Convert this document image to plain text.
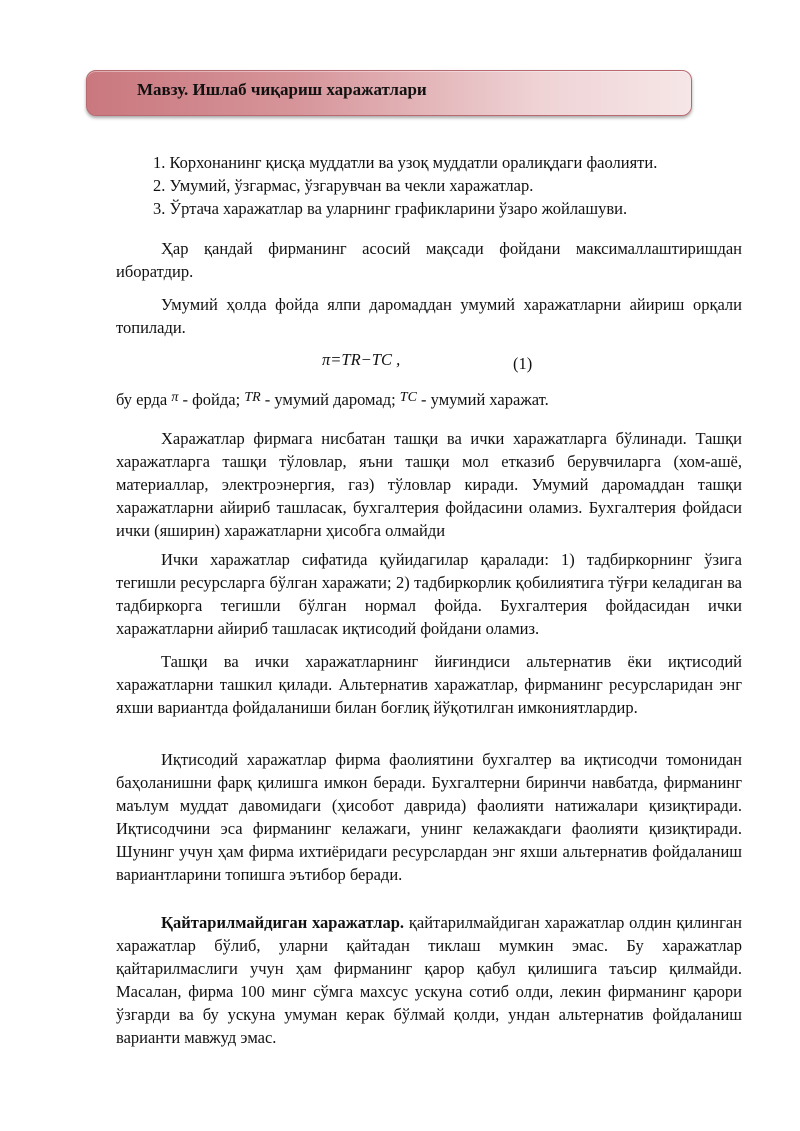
Мавзу. Ишлаб чиқариш харажатлари
1. Корхонанинг қисқа муддатли ва узоқ муддатли оралиқдаги фаолияти.
2. Умумий, ўзгармас, ўзгарувчан ва чекли харажатлар.
3. Ўртача харажатлар ва уларнинг графикларини ўзаро жойлашуви.

Ҳар қандай фирманинг асосий мақсади фойдани максималлаштиришдан иборатдир.

Умумий ҳолда фойда ялпи даромаддан умумий харажатларни айириш орқали топилади.

π=TR−TC ,	(1)
бу ерда $^\pi$ - фойда; $^{TR}$ - умумий даромад; $^{TC}$ - умумий харажат.

Харажатлар фирмага нисбатан ташқи ва ички харажатларга бўлинади. Ташқи харажатларга ташқи тўловлар, яъни ташқи мол етказиб берувчиларга (хом-ашё, материаллар, электроэнергия, газ) тўловлар киради. Умумий даромаддан ташқи харажатларни айириб ташласак, бухгалтерия фойдасини оламиз. Бухгалтерия фойдаси ички (яширин) харажатларни ҳисобга олмайди

Ички харажатлар сифатида қуйидагилар қаралади: 1) тадбиркорнинг ўзига тегишли ресурсларга бўлган харажати; 2) тадбиркорлик қобилиятига тўғри келадиган ва тадбиркорга тегишли бўлган нормал фойда. Бухгалтерия фойдасидан ички харажатларни айириб ташласак иқтисодий фойдани оламиз.

Ташқи ва ички харажатларнинг йиғиндиси альтернатив ёки иқтисодий харажатларни ташкил қилади. Альтернатив харажатлар, фирманинг ресурсларидан энг яхши вариантда фойдаланиши билан боғлиқ йўқотилган имкониятлардир.

Иқтисодий харажатлар фирма фаолиятини бухгалтер ва иқтисодчи томонидан баҳоланишни фарқ қилишга имкон беради. Бухгалтерни биринчи навбатда, фирманинг маълум муддат давомидаги (ҳисобот даврида) фаолияти натижалари қизиқтиради. Иқтисодчини эса фирманинг келажаги, унинг келажакдаги фаолияти қизиқтиради. Шунинг учун ҳам фирма ихтиёридаги ресурслардан энг яхши альтернатив фойдаланиш вариантларини топишга эътибор беради.

Қайтарилмайдиган харажатлар. қайтарилмайдиган харажатлар олдин қилинган харажатлар бўлиб, уларни қайтадан тиклаш мумкин эмас. Бу харажатлар қайтарилмаслиги учун ҳам фирманинг қарор қабул қилишига таъсир қилмайди. Масалан, фирма 100 минг сўмга махсус ускуна сотиб олди, лекин фирманинг қарори ўзгарди ва бу ускуна умуман керак бўлмай қолди, ундан альтернатив фойдаланиш варианти мавжуд эмас.
